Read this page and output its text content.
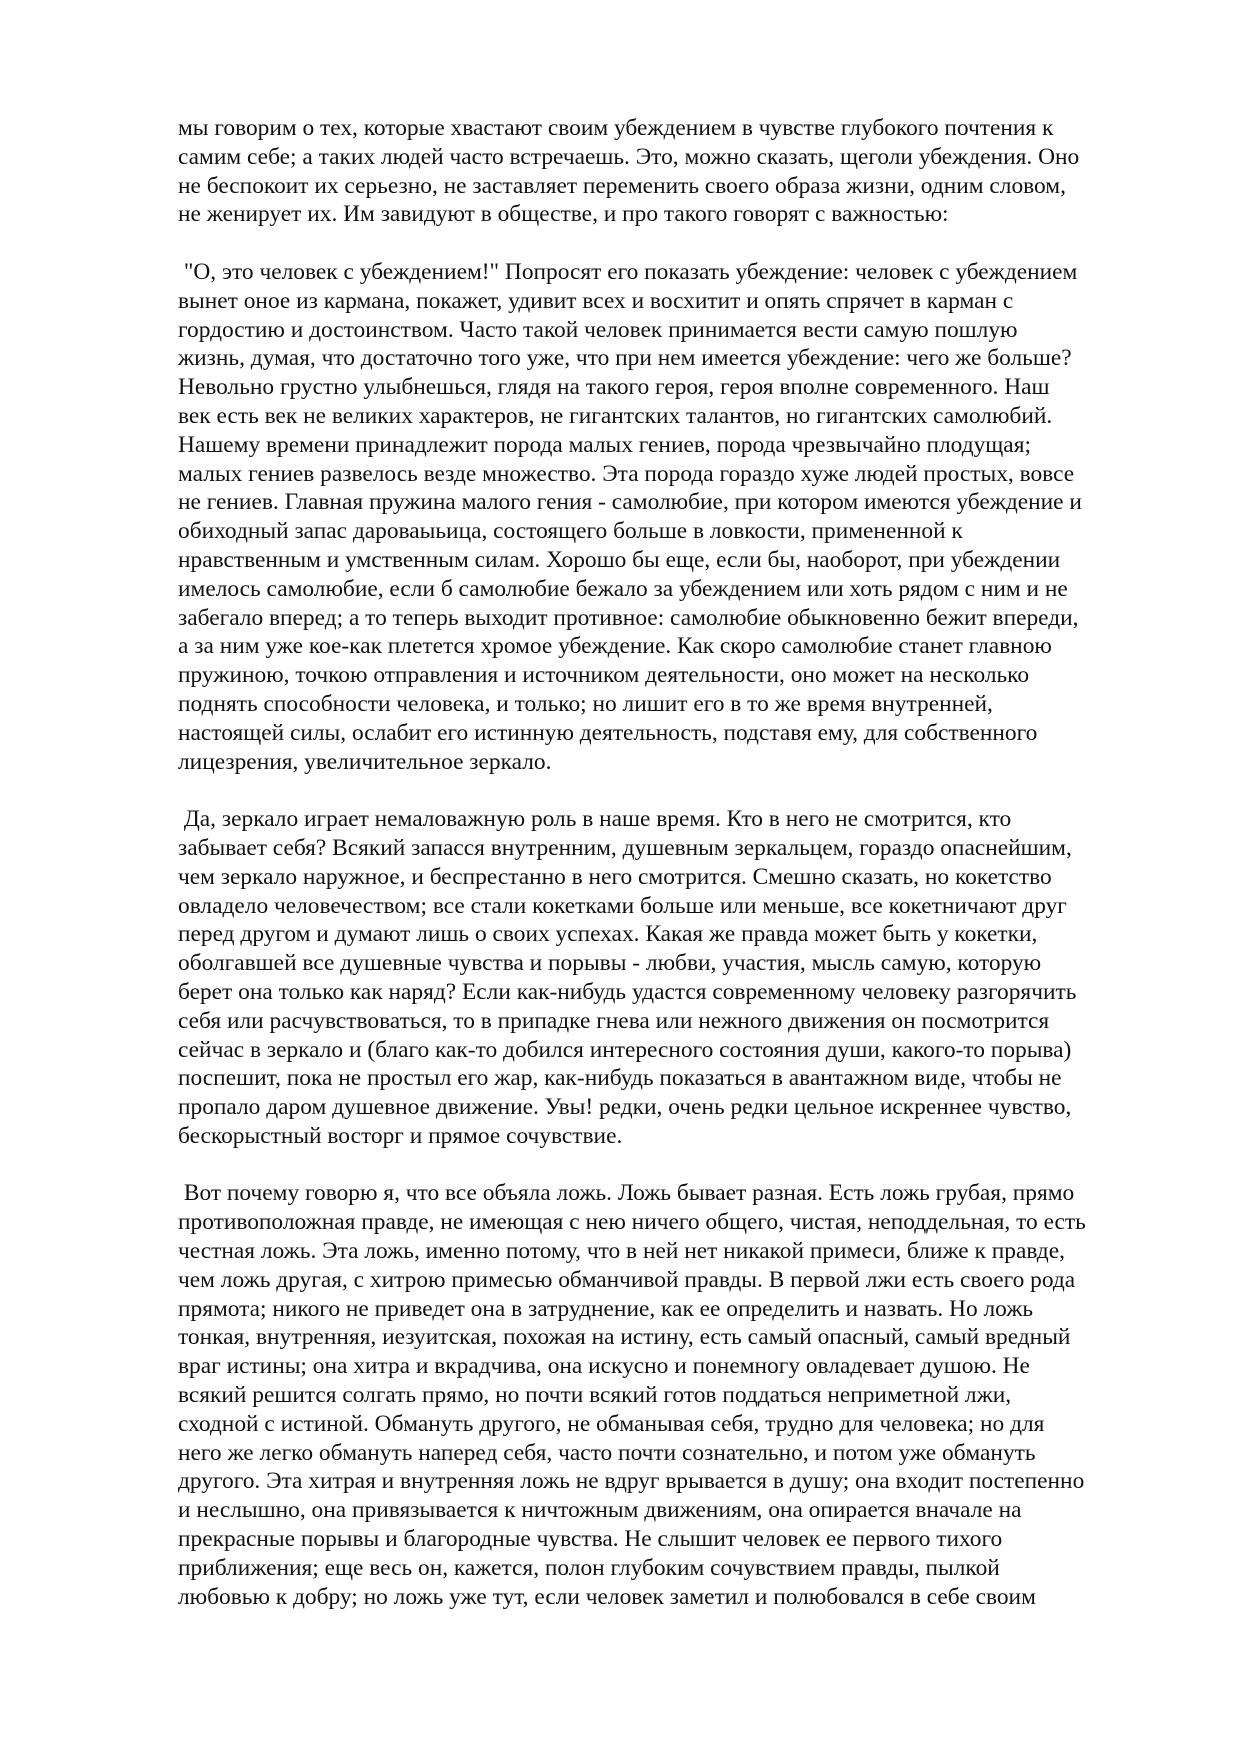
мы говорим о тех, которые хвастают своим убеждением в чувстве глубокого почтения к
самим себе; а таких людей часто встречаешь. Это, можно сказать, щеголи убеждения. Оно
не беспокоит их серьезно, не заставляет переменить своего образа жизни, одним словом,
не женирует их. Им завидуют в обществе, и про такого говорят с важностью:
"О, это человек с убеждением!" Попросят его показать убеждение: человек с убеждением
вынет оное из кармана, покажет, удивит всех и восхитит и опять спрячет в карман с
гордостию и достоинством. Часто такой человек принимается вести самую пошлую
жизнь, думая, что достаточно того уже, что при нем имеется убеждение: чего же больше?
Невольно грустно улыбнешься, глядя на такого героя, героя вполне современного. Наш
век есть век не великих характеров, не гигантских талантов, но гигантских самолюбий.
Нашему времени принадлежит порода малых гениев, порода чрезвычайно плодущая;
малых гениев развелось везде множество. Эта порода гораздо хуже людей простых, вовсе
не гениев. Главная пружина малого гения - самолюбие, при котором имеются убеждение и
обиходный запас дароваыьица, состоящего больше в ловкости, примененной к
нравственным и умственным силам. Хорошо бы еще, если бы, наоборот, при убеждении
имелось самолюбие, если б самолюбие бежало за убеждением или хоть рядом с ним и не
забегало вперед; а то теперь выходит противное: самолюбие обыкновенно бежит впереди,
а за ним уже кое-как плетется хромое убеждение. Как скоро самолюбие станет главною
пружиною, точкою отправления и источником деятельности, оно может на несколько
поднять способности человека, и только; но лишит его в то же время внутренней,
настоящей силы, ослабит его истинную деятельность, подставя ему, для собственного
лицезрения, увеличительное зеркало.
Да, зеркало играет немаловажную роль в наше время. Кто в него не смотрится, кто
забывает себя? Всякий запасся внутренним, душевным зеркальцем, гораздо опаснейшим,
чем зеркало наружное, и беспрестанно в него смотрится. Смешно сказать, но кокетство
овладело человечеством; все стали кокетками больше или меньше, все кокетничают друг
перед другом и думают лишь о своих успехах. Какая же правда может быть у кокетки,
оболгавшей все душевные чувства и порывы - любви, участия, мысль самую, которую
берет она только как наряд? Если как-нибудь удастся современному человеку разгорячить
себя или расчувствоваться, то в припадке гнева или нежного движения он посмотрится
сейчас в зеркало и (благо как-то добился интересного состояния души, какого-то порыва)
поспешит, пока не простыл его жар, как-нибудь показаться в авантажном виде, чтобы не
пропало даром душевное движение. Увы! редки, очень редки цельное искреннее чувство,
бескорыстный восторг и прямое сочувствие.
Вот почему говорю я, что все объяла ложь. Ложь бывает разная. Есть ложь грубая, прямо
противоположная правде, не имеющая с нею ничего общего, чистая, неподдельная, то есть
честная ложь. Эта ложь, именно потому, что в ней нет никакой примеси, ближе к правде,
чем ложь другая, с хитрою примесью обманчивой правды. В первой лжи есть своего рода
прямота; никого не приведет она в затруднение, как ее определить и назвать. Но ложь
тонкая, внутренняя, иезуитская, похожая на истину, есть самый опасный, самый вредный
враг истины; она хитра и вкрадчива, она искусно и понемногу овладевает душою. Не
всякий решится солгать прямо, но почти всякий готов поддаться неприметной лжи,
сходной с истиной. Обмануть другого, не обманывая себя, трудно для человека; но для
него же легко обмануть наперед себя, часто почти сознательно, и потом уже обмануть
другого. Эта хитрая и внутренняя ложь не вдруг врывается в душу; она входит постепенно
и неслышно, она привязывается к ничтожным движениям, она опирается вначале на
прекрасные порывы и благородные чувства. Не слышит человек ее первого тихого
приближения; еще весь он, кажется, полон глубоким сочувствием правды, пылкой
любовью к добру; но ложь уже тут, если человек заметил и полюбовался в себе своим
